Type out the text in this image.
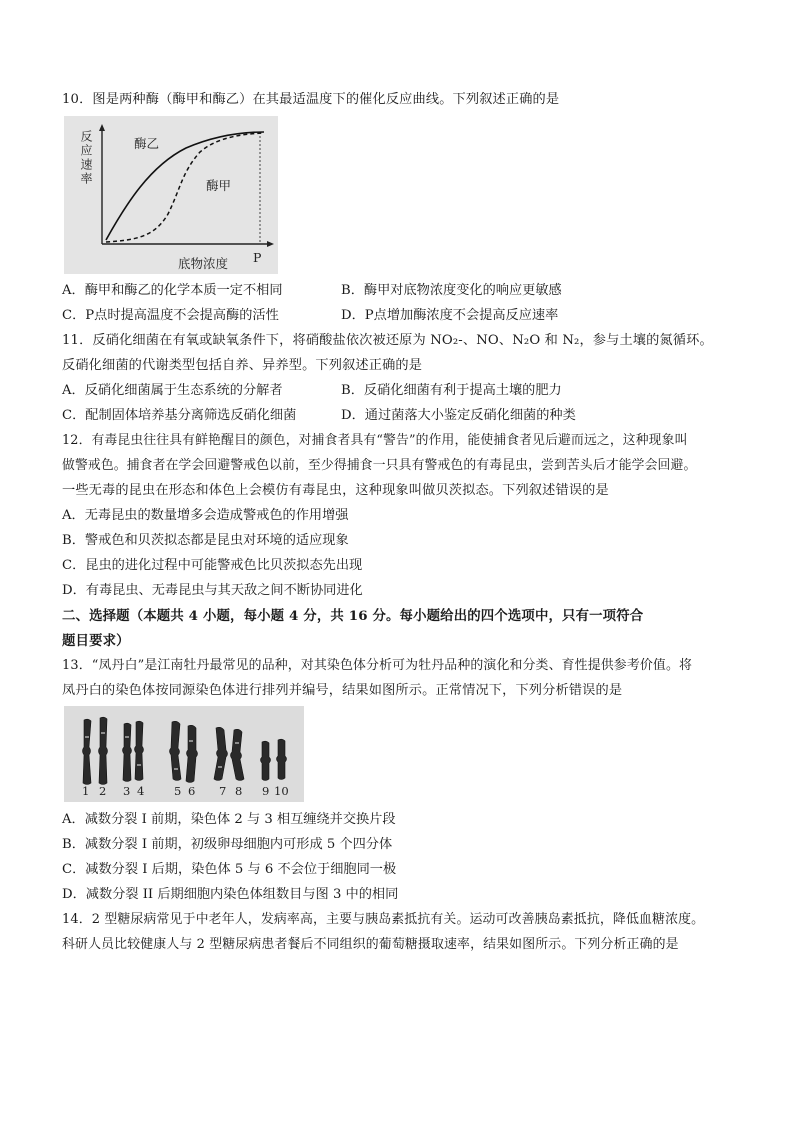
10．图是两种酶（酶甲和酶乙）在其最适温度下的催化反应曲线。下列叙述正确的是
反应速率	酶乙
酶甲
底物浓度 P
A．酶甲和酶乙的化学本质一定不相同	B．酶甲对底物浓度变化的响应更敏感
C．P点时提高温度不会提高酶的活性	D．P点增加酶浓度不会提高反应速率
11．反硝化细菌在有氧或缺氧条件下，将硝酸盐依次被还原为 NO₂-、NO、N₂O 和 N₂，参与土壤的氮循环。
反硝化细菌的代谢类型包括自养、异养型。下列叙述正确的是
A．反硝化细菌属于生态系统的分解者	B．反硝化细菌有利于提高土壤的肥力
C．配制固体培养基分离筛选反硝化细菌	D．通过菌落大小鉴定反硝化细菌的种类
12．有毒昆虫往往具有鲜艳醒目的颜色，对捕食者具有“警告”的作用，能使捕食者见后避而远之，这种现象叫
做警戒色。捕食者在学会回避警戒色以前，至少得捕食一只具有警戒色的有毒昆虫，尝到苦头后才能学会回避。
一些无毒的昆虫在形态和体色上会模仿有毒昆虫，这种现象叫做贝茨拟态。下列叙述错误的是
A．无毒昆虫的数量增多会造成警戒色的作用增强
B．警戒色和贝茨拟态都是昆虫对环境的适应现象
C．昆虫的进化过程中可能警戒色比贝茨拟态先出现
D．有毒昆虫、无毒昆虫与其天敌之间不断协同进化
二、选择题（本题共 4 小题，每小题 4 分，共 16 分。每小题给出的四个选项中，只有一项符合
题目要求）
13．“凤丹白”是江南牡丹最常见的品种，对其染色体分析可为牡丹品种的演化和分类、育性提供参考价值。将
凤丹白的染色体按同源染色体进行排列并编号，结果如图所示。正常情况下，下列分析错误的是
1 2 3 4	5 6 7 8 9 10
A．减数分裂 I 前期，染色体 2 与 3 相互缠绕并交换片段
B．减数分裂 I 前期，初级卵母细胞内可形成 5 个四分体
C．减数分裂 I 后期，染色体 5 与 6 不会位于细胞同一极
D．减数分裂 II 后期细胞内染色体组数目与图 3 中的相同
14．2 型糖尿病常见于中老年人，发病率高，主要与胰岛素抵抗有关。运动可改善胰岛素抵抗，降低血糖浓度。
科研人员比较健康人与 2 型糖尿病患者餐后不同组织的葡萄糖摄取速率，结果如图所示。下列分析正确的是
